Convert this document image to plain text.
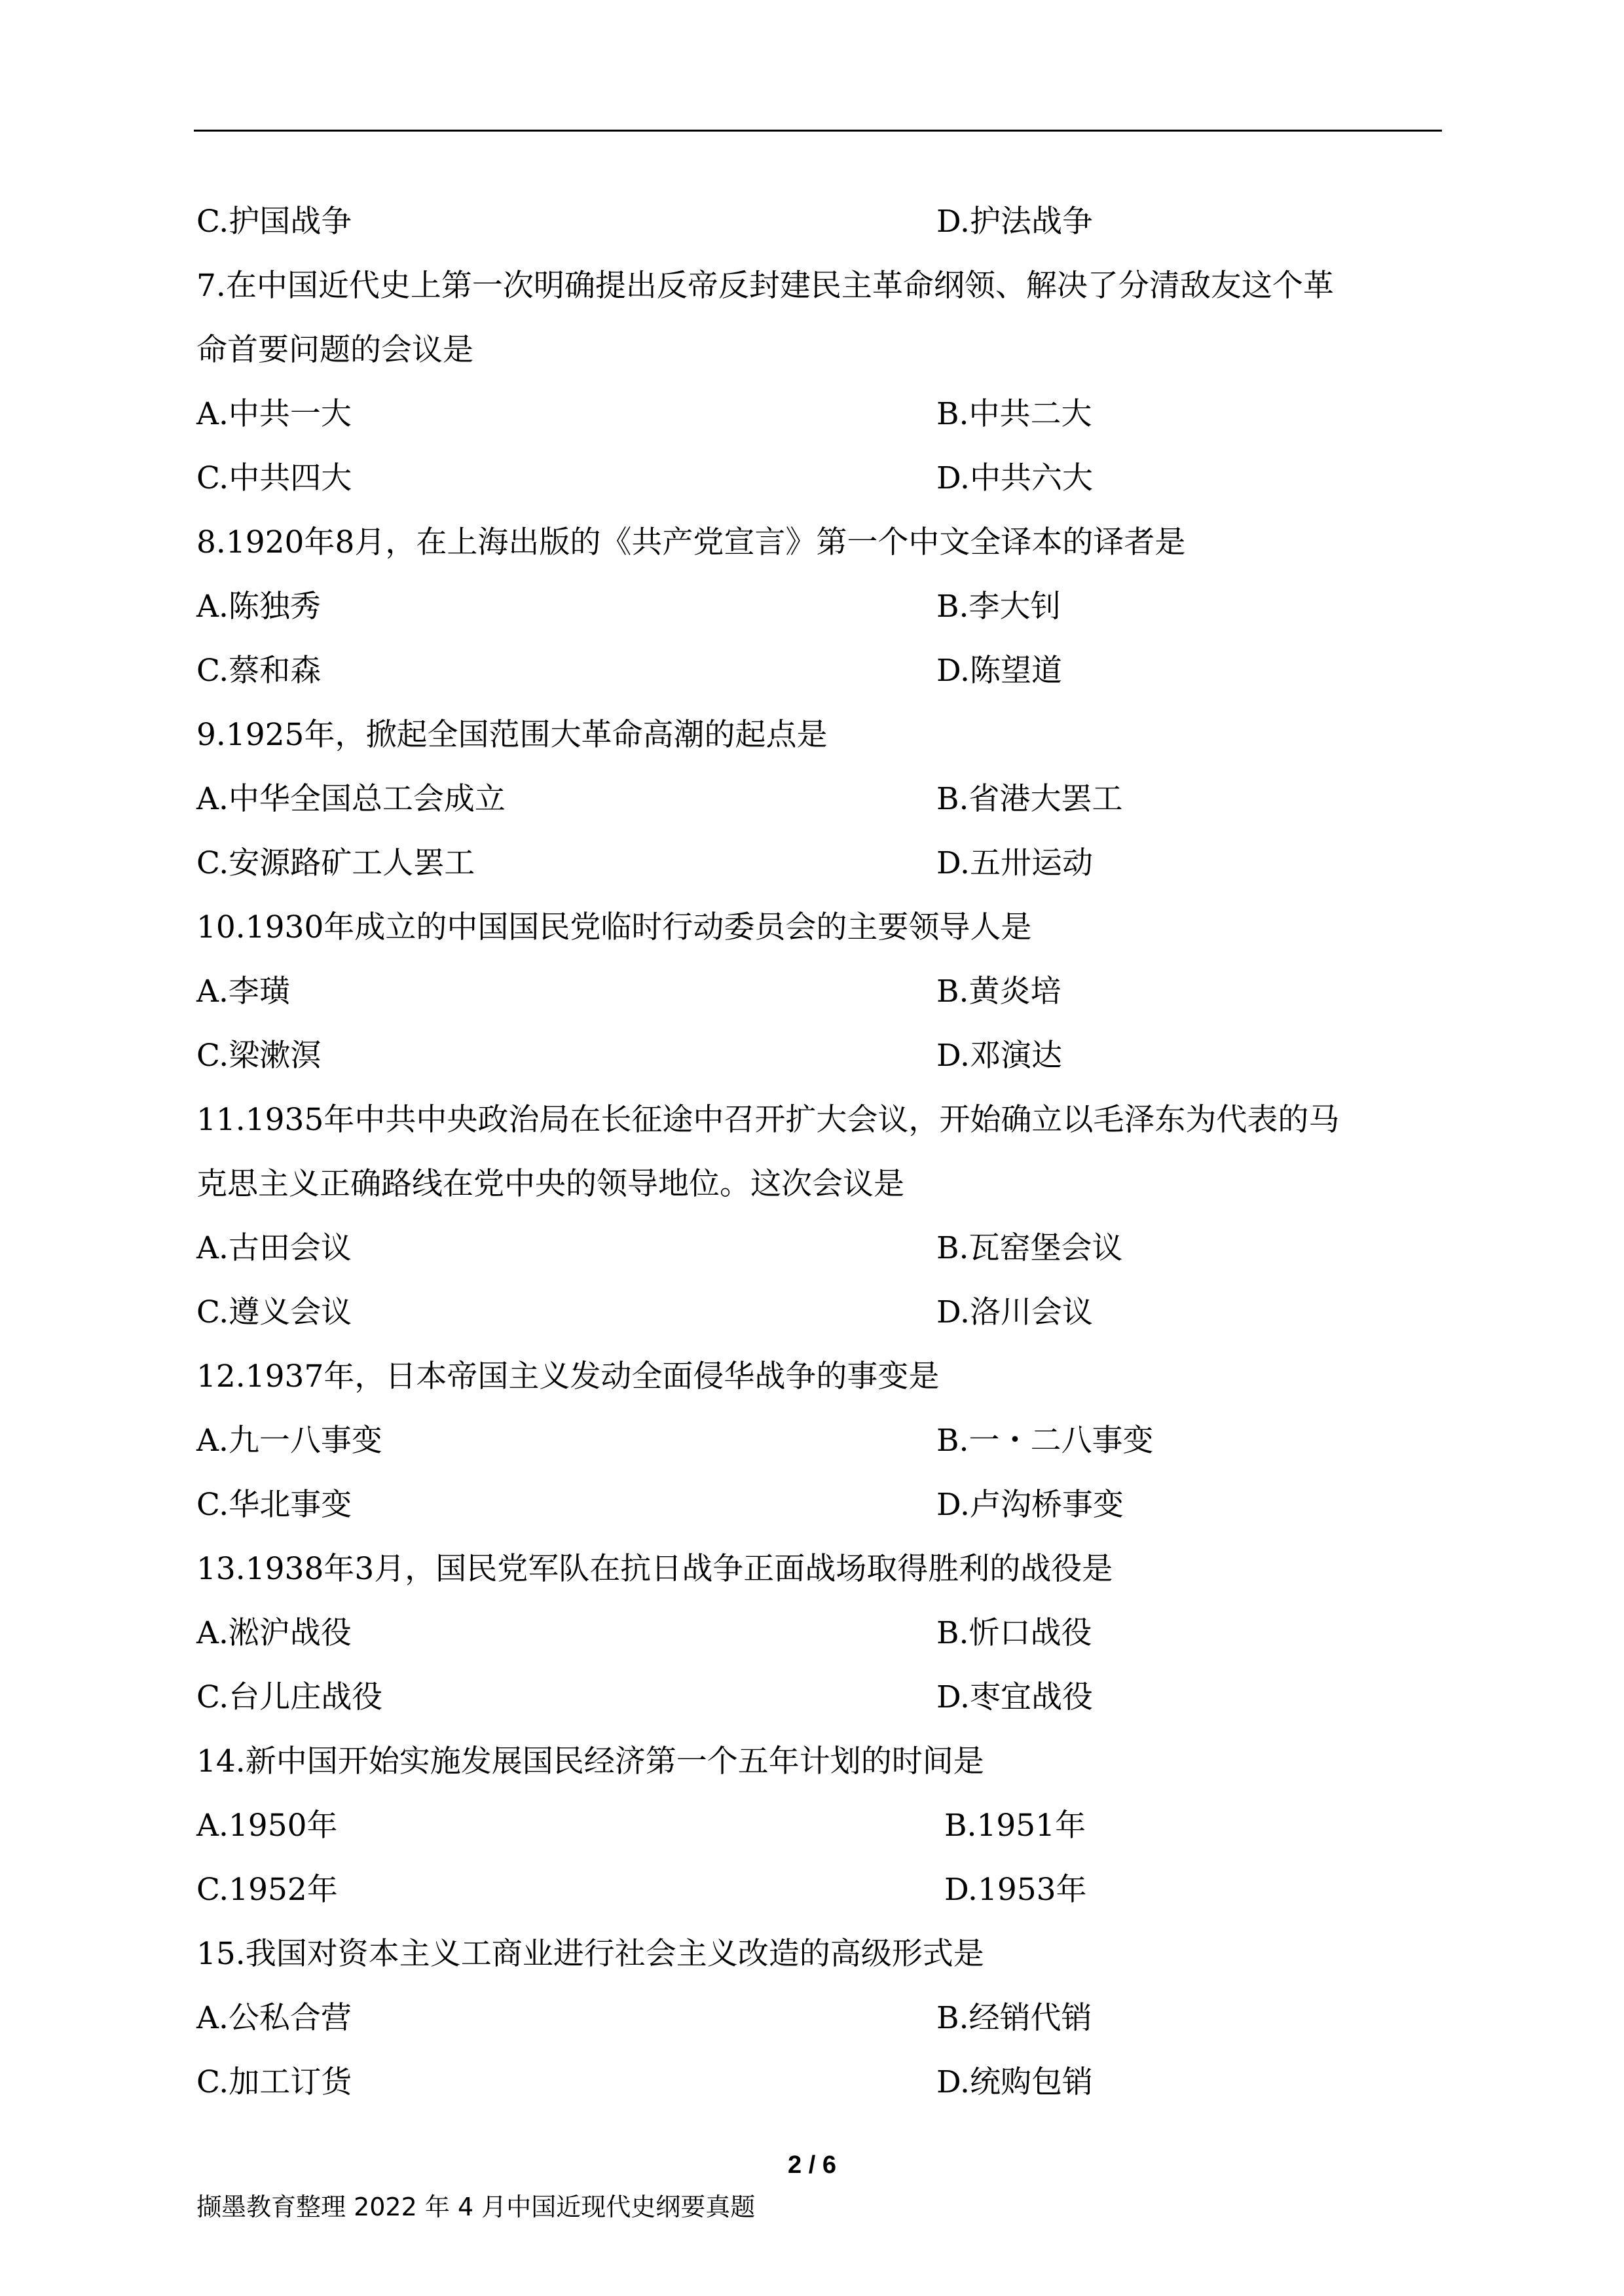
C.护国战争	D.护法战争
7.在中国近代史上第一次明确提出反帝反封建民主革命纲领、解决了分清敌友这个革
命首要问题的会议是
A.中共一大	B.中共二大
C.中共四大	D.中共六大
8.1920年8月，在上海出版的《共产党宣言》第一个中文全译本的译者是
A.陈独秀	B.李大钊
C.蔡和森	D.陈望道
9.1925年，掀起全国范围大革命高潮的起点是
A.中华全国总工会成立	B.省港大罢工
C.安源路矿工人罢工	D.五卅运动
10.1930年成立的中国国民党临时行动委员会的主要领导人是
A.李璜	B.黄炎培
C.梁漱溟	D.邓演达
11.1935年中共中央政治局在长征途中召开扩大会议，开始确立以毛泽东为代表的马
克思主义正确路线在党中央的领导地位。这次会议是
A.古田会议	B.瓦窑堡会议
C.遵义会议	D.洛川会议
12.1937年，日本帝国主义发动全面侵华战争的事变是
A.九一八事变	B.一・二八事变
C.华北事变	D.卢沟桥事变
13.1938年3月，国民党军队在抗日战争正面战场取得胜利的战役是
A.淞沪战役	B.忻口战役
C.台儿庄战役	D.枣宜战役
14.新中国开始实施发展国民经济第一个五年计划的时间是
A.1950年	B.1951年
C.1952年	D.1953年
15.我国对资本主义工商业进行社会主义改造的高级形式是
A.公私合营	B.经销代销
C.加工订货	D.统购包销
2 / 6
撷墨教育整理 2022 年 4 月中国近现代史纲要真题
